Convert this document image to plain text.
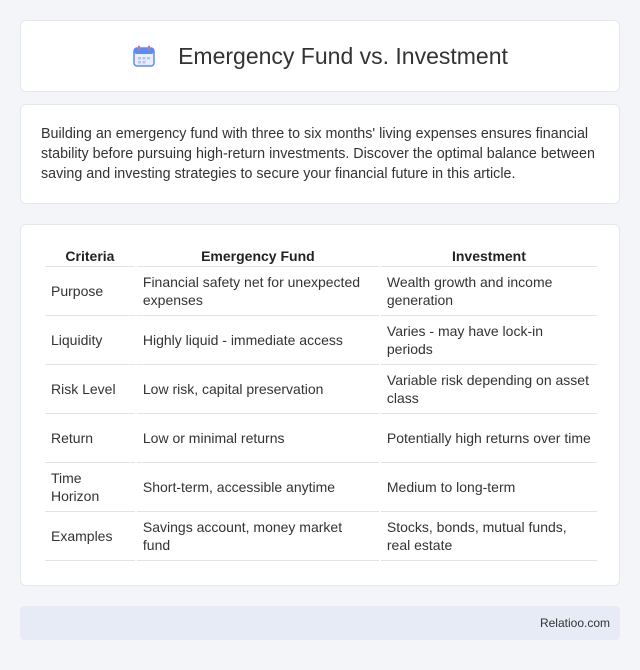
Emergency Fund vs. Investment

Building an emergency fund with three to six months' living expenses ensures financial stability before pursuing high-return investments. Discover the optimal balance between saving and investing strategies to secure your financial future in this article.

Criteria	Emergency Fund	Investment
Purpose	Financial safety net for unexpected expenses	Wealth growth and income generation
Liquidity	Highly liquid - immediate access	Varies - may have lock-in periods
Risk Level	Low risk, capital preservation	Variable risk depending on asset class
Return	Low or minimal returns	Potentially high returns over time
Time Horizon	Short-term, accessible anytime	Medium to long-term
Examples	Savings account, money market fund	Stocks, bonds, mutual funds, real estate
Relatioo.com
